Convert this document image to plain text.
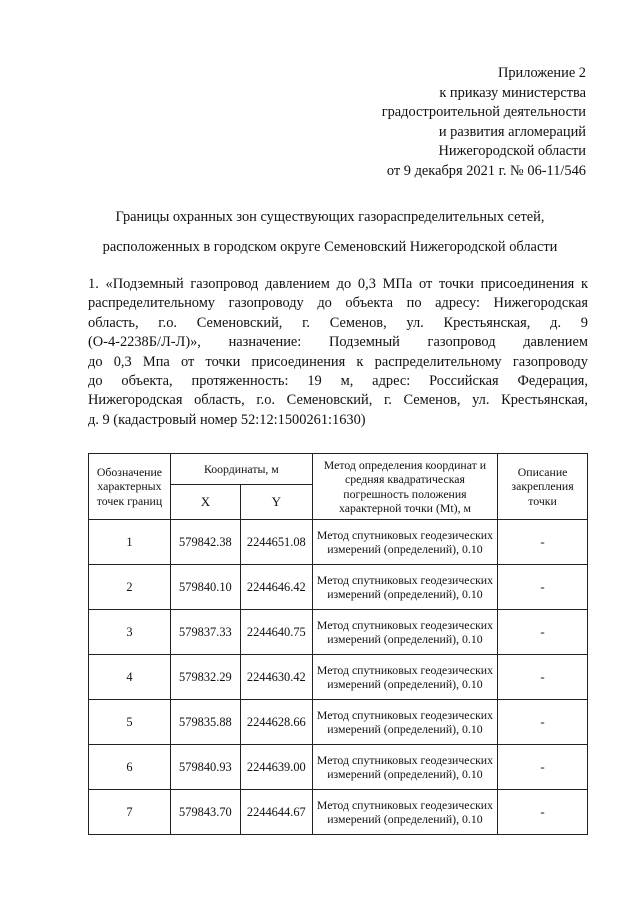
Приложение 2
к приказу министерства
градостроительной деятельности
и развития агломераций
Нижегородской области
от 9 декабря 2021 г. № 06-11/546
Границы охранных зон существующих газораспределительных сетей,
расположенных в городском округе Семеновский Нижегородской области
1. «Подземный газопровод давлением до 0,3 МПа от точки присоединения к
распределительному газопроводу до объекта по адресу: Нижегородская
область, г.о. Семеновский, г. Семенов, ул. Крестьянская, д. 9
(О-4-2238Б/Л-Л)», назначение: Подземный газопровод давлением
до 0,3 Мпа от точки присоединения к распределительному газопроводу
до объекта, протяженность: 19 м, адрес: Российская Федерация,
Нижегородская область, г.о. Семеновский, г. Семенов, ул. Крестьянская,
д. 9 (кадастровый номер 52:12:1500261:1630)
Обозначение характерных точек границ	Координаты, м		Метод определения координат и средняя квадратическая погрешность положения характерной точки (Mt), м	Описание закрепления точки
	X	Y		
1	579842.38	2244651.08	Метод спутниковых геодезических измерений (определений), 0.10	-
2	579840.10	2244646.42	Метод спутниковых геодезических измерений (определений), 0.10	-
3	579837.33	2244640.75	Метод спутниковых геодезических измерений (определений), 0.10	-
4	579832.29	2244630.42	Метод спутниковых геодезических измерений (определений), 0.10	-
5	579835.88	2244628.66	Метод спутниковых геодезических измерений (определений), 0.10	-
6	579840.93	2244639.00	Метод спутниковых геодезических измерений (определений), 0.10	-
7	579843.70	2244644.67	Метод спутниковых геодезических измерений (определений), 0.10	-
